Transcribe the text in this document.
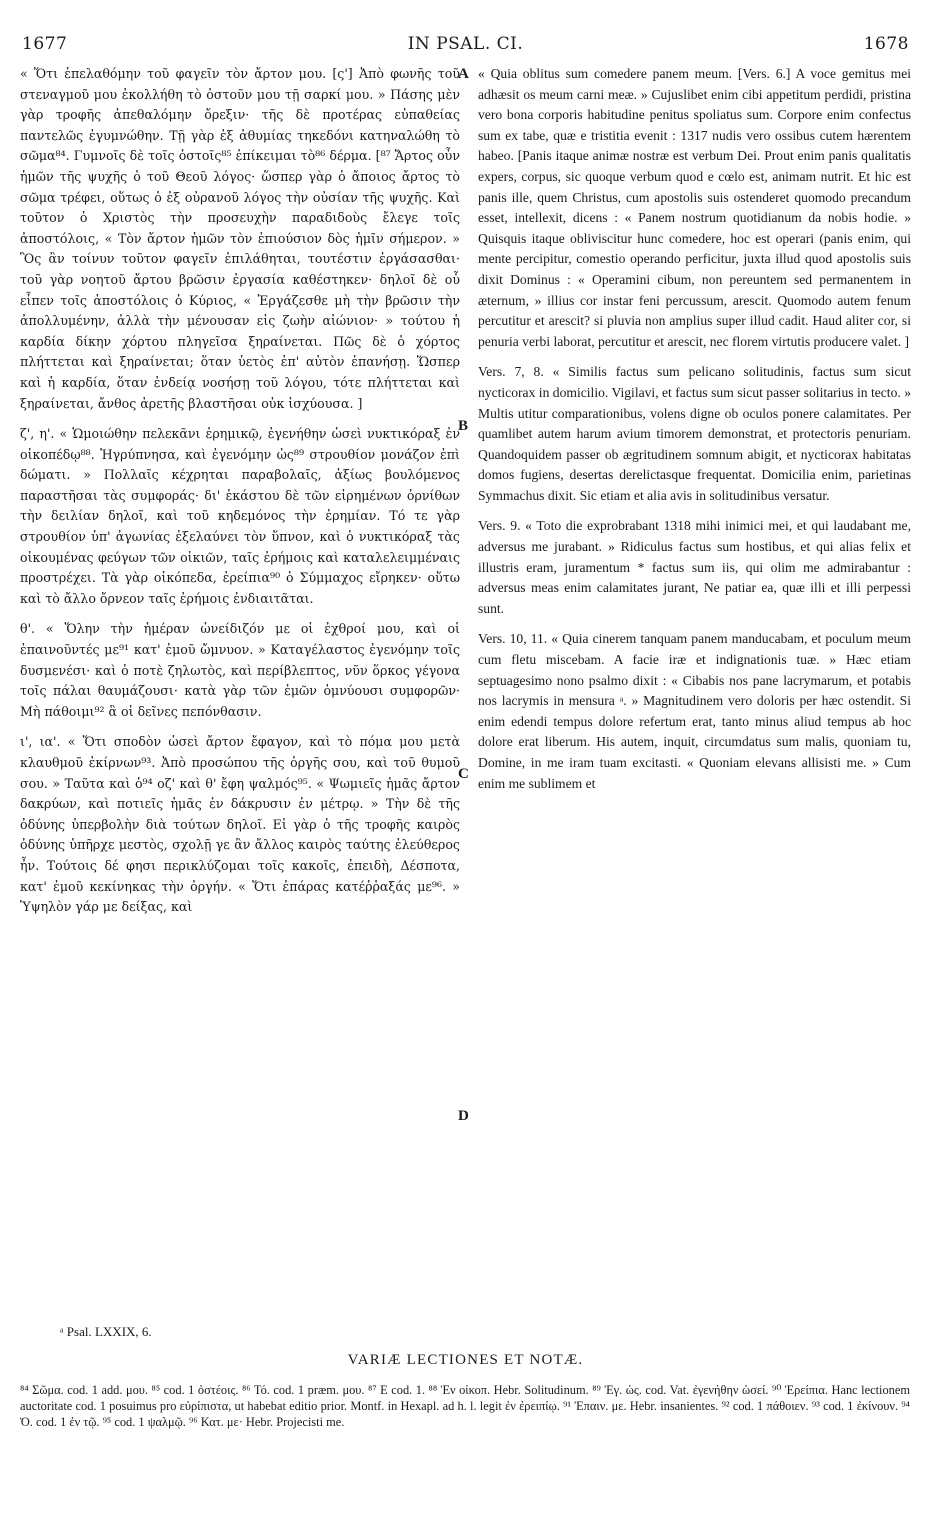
1677	IN PSAL. CI.	1678

« Ὅτι ἐπελαθόμην τοῦ φαγεῖν τὸν ἄρτον μου. [ς'] Ἀπὸ φωνῆς τοῦ στεναγμοῦ μου ἐκολλήθη τὸ ὀστοῦν μου τῇ σαρκί μου. » Πάσης μὲν γὰρ τροφῆς ἀπεθαλόμην ὄρεξιν· τῆς δὲ προτέρας εὐπαθείας παντελῶς ἐγυμνώθην. Τῇ γὰρ ἐξ ἀθυμίας τηκεδόνι κατηναλώθη τὸ σῶμα⁸⁴. Γυμνοῖς δὲ τοῖς ὀστοῖς⁸⁵ ἐπίκειμαι τὸ⁸⁶ δέρμα. [⁸⁷ Ἄρτος οὖν ἡμῶν τῆς ψυχῆς ὁ τοῦ Θεοῦ λόγος· ὥσπερ γὰρ ὁ ἄποιος ἄρτος τὸ σῶμα τρέφει, οὕτως ὁ ἐξ οὐρανοῦ λόγος τὴν οὐσίαν τῆς ψυχῆς. Καὶ τοῦτον ὁ Χριστὸς τὴν προσευχὴν παραδιδοὺς ἔλεγε τοῖς ἀποστόλοις, « Τὸν ἄρτον ἡμῶν τὸν ἐπιούσιον δὸς ἡμῖν σήμερον. » Ὃς ἂν τοίνυν τοῦτον φαγεῖν ἐπιλάθηται, τουτέστιν ἐργάσασθαι· τοῦ γὰρ νοητοῦ ἄρτου βρῶσιν ἐργασία καθέστηκεν· δηλοῖ δὲ οὗ εἶπεν τοῖς ἀποστόλοις ὁ Κύριος, « Ἐργάζεσθε μὴ τὴν βρῶσιν τὴν ἀπολλυμένην, ἀλλὰ τὴν μένουσαν εἰς ζωὴν αἰώνιον· » τούτου ἡ καρδία δίκην χόρτου πληγεῖσα ξηραίνεται. Πῶς δὲ ὁ χόρτος πλήττεται καὶ ξηραίνεται; ὅταν ὑετὸς ἐπ' αὐτὸν ἐπανήσῃ. Ὥσπερ καὶ ἡ καρδία, ὅταν ἐνδείᾳ νοσήσῃ τοῦ λόγου, τότε πλήττεται καὶ ξηραίνεται, ἄνθος ἀρετῆς βλαστῆσαι οὐκ ἰσχύουσα. ]

ζ', η'. « Ὡμοιώθην πελεκᾶνι ἐρημικῷ, ἐγενήθην ὡσεὶ νυκτικόραξ ἐν οἰκοπέδῳ⁸⁸. Ἠγρύπνησα, καὶ ἐγενόμην ὡς⁸⁹ στρουθίον μονάζον ἐπὶ δώματι. » Πολλαῖς κέχρηται παραβολαῖς, ἀξίως βουλόμενος παραστῆσαι τὰς συμφοράς· δι' ἑκάστου δὲ τῶν εἰρημένων ὀρνίθων τὴν δειλίαν δηλοῖ, καὶ τοῦ κηδεμόνος τὴν ἐρημίαν. Τό τε γὰρ στρουθίον ὑπ' ἀγωνίας ἐξελαύνει τὸν ὕπνον, καὶ ὁ νυκτικόραξ τὰς οἰκουμένας φεύγων τῶν οἰκιῶν, ταῖς ἐρήμοις καὶ καταλελειμμέναις προστρέχει. Τὰ γὰρ οἰκόπεδα, ἐρείπια⁹⁰ ὁ Σύμμαχος εἴρηκεν· οὕτω καὶ τὸ ἄλλο ὄρνεον ταῖς ἐρήμοις ἐνδιαιτᾶται.

θ'. « Ὅλην τὴν ἡμέραν ὠνείδιζόν με οἱ ἐχθροί μου, καὶ οἱ ἐπαινοῦντές με⁹¹ κατ' ἐμοῦ ὤμνυον. » Καταγέλαστος ἐγενόμην τοῖς δυσμενέσι· καὶ ὁ ποτὲ ζηλωτὸς, καὶ περίβλεπτος, νῦν ὅρκος γέγονα τοῖς πάλαι θαυμάζουσι· κατὰ γὰρ τῶν ἐμῶν ὀμνύουσι συμφορῶν· Μὴ πάθοιμι⁹² ἃ οἱ δεῖνες πεπόνθασιν.

ι', ια'. « Ὅτι σποδὸν ὡσεὶ ἄρτον ἔφαγον, καὶ τὸ πόμα μου μετὰ κλαυθμοῦ ἐκίρνων⁹³. Ἀπὸ προσώπου τῆς ὀργῆς σου, καὶ τοῦ θυμοῦ σου. » Ταῦτα καὶ ὁ⁹⁴ οζ' καὶ θ' ἔφη ψαλμός⁹⁵. « Ψωμιεῖς ἡμᾶς ἄρτον δακρύων, καὶ ποτιεῖς ἡμᾶς ἐν δάκρυσιν ἐν μέτρῳ. » Τὴν δὲ τῆς ὀδύνης ὑπερβολὴν διὰ τούτων δηλοῖ. Εἰ γὰρ ὁ τῆς τροφῆς καιρὸς ὀδύνης ὑπῆρχε μεστὸς, σχολῇ γε ἂν ἄλλος καιρὸς ταύτης ἐλεύθερος ἦν. Τούτοις δέ φησι περικλύζομαι τοῖς κακοῖς, ἐπειδὴ, Δέσποτα, κατ' ἐμοῦ κεκίνηκας τὴν ὀργήν. « Ὅτι ἐπάρας κατέῤῥαξάς με⁹⁶. » Ὑψηλὸν γάρ με δείξας, καὶ

A
B
C
D

« Quia oblitus sum comedere panem meum. [Vers. 6.] A voce gemitus mei adhæsit os meum carni meæ. » Cujuslibet enim cibi appetitum perdidi, pristina vero bona corporis habitudine penitus spoliatus sum. Corpore enim confectus sum ex tabe, quæ e tristitia evenit : 1317 nudis vero ossibus cutem hærentem habeo. [Panis itaque animæ nostræ est verbum Dei. Prout enim panis qualitatis expers, corpus, sic quoque verbum quod e cœlo est, animam nutrit. Et hic est panis ille, quem Christus, cum apostolis suis ostenderet quomodo precandum esset, intellexit, dicens : « Panem nostrum quotidianum da nobis hodie. » Quisquis itaque obliviscitur hunc comedere, hoc est operari (panis enim, qui mente percipitur, comestio operando perficitur, juxta illud quod apostolis suis dixit Dominus : « Operamini cibum, non pereuntem sed permanentem in æternum, » illius cor instar feni percussum, arescit. Quomodo autem fenum percutitur et arescit? si pluvia non amplius super illud cadit. Haud aliter cor, si penuria verbi laborat, percutitur et arescit, nec florem virtutis producere valet. ]

Vers. 7, 8. « Similis factus sum pelicano solitudinis, factus sum sicut nycticorax in domicilio. Vigilavi, et factus sum sicut passer solitarius in tecto. » Multis utitur comparationibus, volens digne ob oculos ponere calamitates. Per quamlibet autem harum avium timorem demonstrat, et protectoris penuriam. Quandoquidem passer ob ægritudinem somnum abigit, et nycticorax habitatas domos fugiens, desertas derelictasque frequentat. Domicilia enim, parietinas Symmachus dixit. Sic etiam et alia avis in solitudinibus versatur.

Vers. 9. « Toto die exprobrabant 1318 mihi inimici mei, et qui laudabant me, adversus me jurabant. » Ridiculus factus sum hostibus, et qui alias felix et illustris eram, juramentum * factus sum iis, qui olim me admirabantur : adversus meas enim calamitates jurant, Ne patiar ea, quæ illi et illi perpessi sunt.

Vers. 10, 11. « Quia cinerem tanquam panem manducabam, et poculum meum cum fletu miscebam. A facie iræ et indignationis tuæ. » Hæc etiam septuagesimo nono psalmo dixit : « Cibabis nos pane lacrymarum, et potabis nos lacrymis in mensura ᵃ. » Magnitudinem vero doloris per hæc ostendit. Si enim edendi tempus dolore refertum erat, tanto minus aliud tempus ab hoc dolore erat liberum. His autem, inquit, circumdatus sum malis, quoniam tu, Domine, in me iram tuam excitasti. « Quoniam elevans allisisti me. » Cum enim me sublimem et

ᵃ Psal. LXXIX, 6.
VARIÆ LECTIONES ET NOTÆ.
⁸⁴ Σῶμα. cod. 1 add. μου. ⁸⁵ cod. 1 ὀστέοις. ⁸⁶ Τό. cod. 1 præm. μου. ⁸⁷ E cod. 1. ⁸⁸ Ἐν οἰκοπ. Hebr. Solitudinum. ⁸⁹ Ἐγ. ὡς. cod. Vat. ἐγενήθην ὡσεί. ⁹⁰ Ἐρείπια. Hanc lectionem auctoritate cod. 1 posuimus pro εὐρίπιστα, ut habebat editio prior. Montf. in Hexapl. ad h. l. legit ἐν ἐρειπίῳ. ⁹¹ Ἐπαιν. με. Hebr. insanientes. ⁹² cod. 1 πάθοιεν. ⁹³ cod. 1 ἐκίνουν. ⁹⁴ Ὁ. cod. 1 ἐν τῷ. ⁹⁵ cod. 1 ψαλμῷ. ⁹⁶ Κατ. με· Hebr. Projecisti me.
